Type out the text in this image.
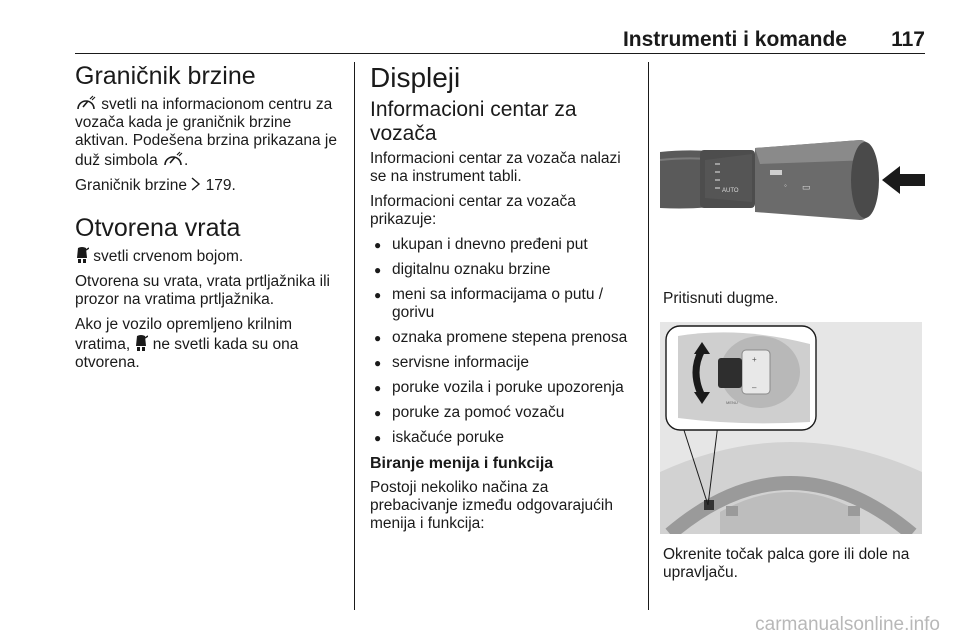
Instrumenti i komande 117
Graničnik brzine
svetli na informacionom centru za vozača kada je graničnik brzine aktivan. Podešena brzina prikazana je duž simbola .
Graničnik brzine  179.
Otvorena vrata
svetli crvenom bojom.
Otvorena su vrata, vrata prtljažnika ili prozor na vratima prtljažnika.
Ako je vozilo opremljeno krilnim vratima,  ne svetli kada su ona otvorena.
Displeji
Informacioni centar za vozača
Informacioni centar za vozača nalazi se na instrument tabli.
Informacioni centar za vozača prikazuje:
● ukupan i dnevno pređeni put
● digitalnu oznaku brzine
● meni sa informacijama o putu / gorivu
● oznaka promene stepena prenosa
● servisne informacije
● poruke vozila i poruke upozorenja
● poruke za pomoć vozaču
● iskačuće poruke
Biranje menija i funkcija
Postoji nekoliko načina za prebacivanje između odgovarajućih menija i funkcija:
AUTO
◦ ▭
Pritisnuti dugme.
MENU
+
–
Okrenite točak palca gore ili dole na upravljaču.
carmanualsonline.info
